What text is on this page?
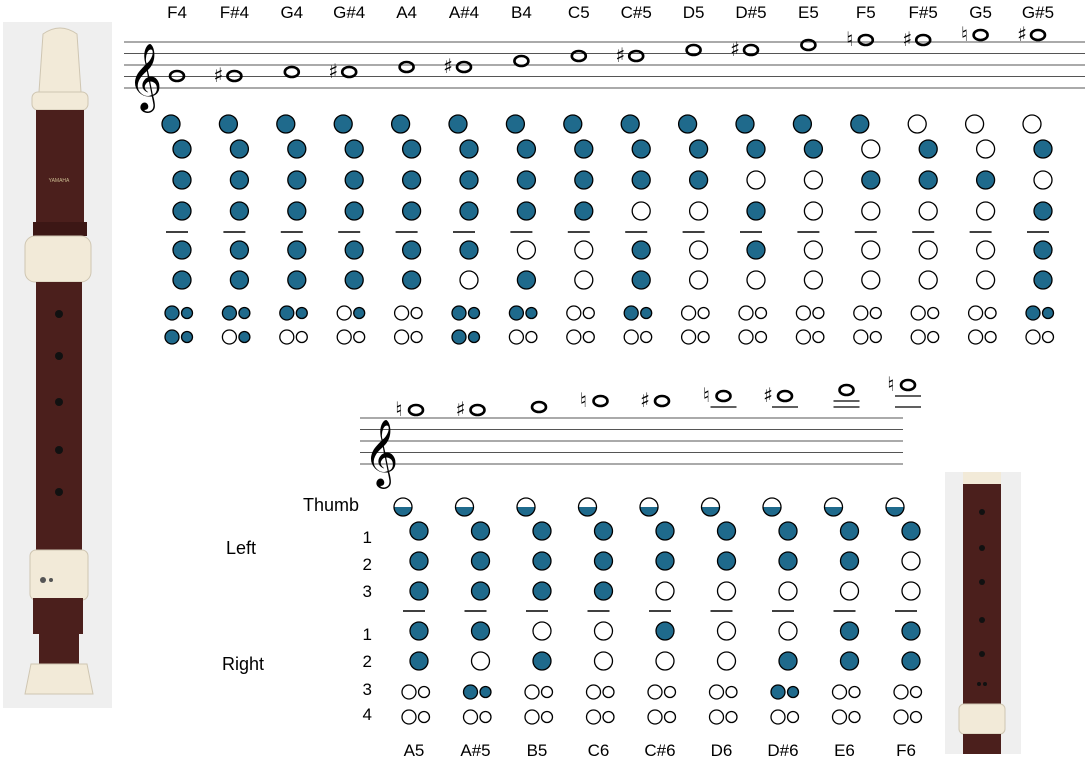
YAMAHA
Thumb
Left
Right
1
2
3
1
2
3
4
𝄞
F4 F#4
♯
G4 G#4
♯
A4 A#4
♯
B4 C5 C#5
♯
D5 D#5
♯
E5 F5
♮
F#5
♯
G5
♮
G#5
♯
𝄞
A5
♮
A#5
♯
B5 C6
♮
C#6
♯
D6
♮
D#6
♯
E6 F6
♮
